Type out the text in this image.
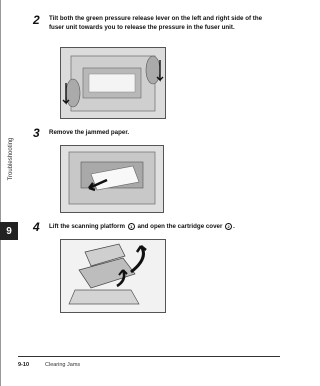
Troubleshooting
9
2 Tilt both the green pressure release lever on the left and right side of the fuser unit towards you to release the pressure in the fuser unit.
3 Remove the jammed paper.
4 Lift the scanning platform 1 and open the cartridge cover 2 .
9-10	Clearing Jams
